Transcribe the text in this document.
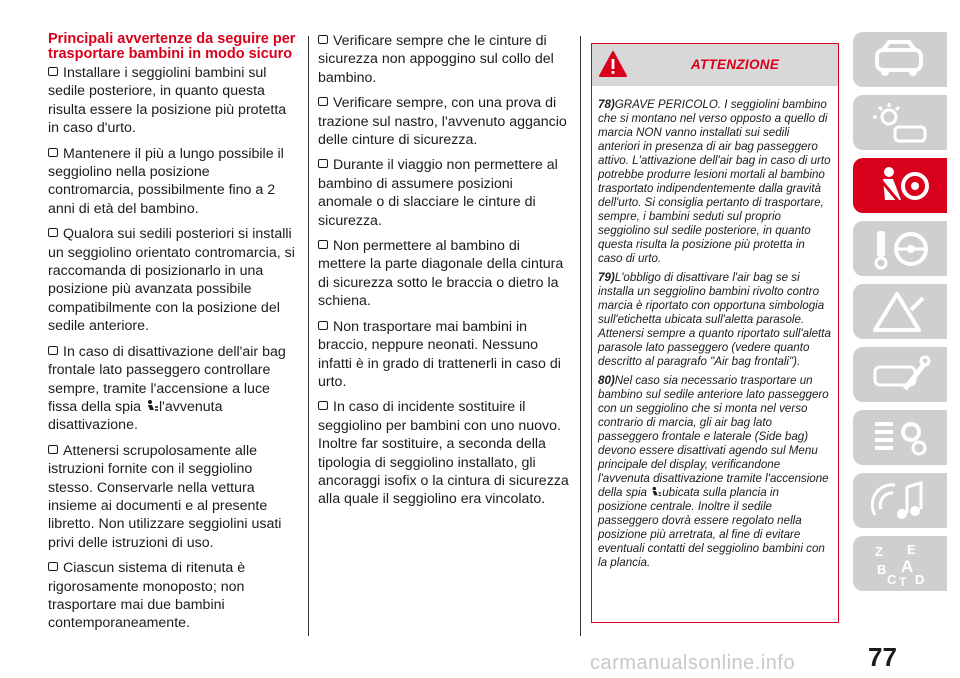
Principali avvertenze da seguire per trasportare bambini in modo sicuro

Installare i seggiolini bambini sul sedile posteriore, in quanto questa risulta essere la posizione più protetta in caso d'urto.

Mantenere il più a lungo possibile il seggiolino nella posizione contromarcia, possibilmente fino a 2 anni di età del bambino.

Qualora sui sedili posteriori si installi un seggiolino orientato contromarcia, si raccomanda di posizionarlo in una posizione più avanzata possibile compatibilmente con la posizione del sedile anteriore.

In caso di disattivazione dell'air bag frontale lato passeggero controllare sempre, tramite l'accensione a luce fissa della spia l'avvenuta disattivazione.

Attenersi scrupolosamente alle istruzioni fornite con il seggiolino stesso. Conservarle nella vettura insieme ai documenti e al presente libretto. Non utilizzare seggiolini usati privi delle istruzioni di uso.

Ciascun sistema di ritenuta è rigorosamente monoposto; non trasportare mai due bambini contemporaneamente.

Verificare sempre che le cinture di sicurezza non appoggino sul collo del bambino.

Verificare sempre, con una prova di trazione sul nastro, l'avvenuto aggancio delle cinture di sicurezza.

Durante il viaggio non permettere al bambino di assumere posizioni anomale o di slacciare le cinture di sicurezza.

Non permettere al bambino di mettere la parte diagonale della cintura di sicurezza sotto le braccia o dietro la schiena.

Non trasportare mai bambini in braccio, neppure neonati. Nessuno infatti è in grado di trattenerli in caso di urto.

In caso di incidente sostituire il seggiolino per bambini con uno nuovo. Inoltre far sostituire, a seconda della tipologia di seggiolino installato, gli ancoraggi isofix o la cintura di sicurezza alla quale il seggiolino era vincolato.

ATTENZIONE

78)GRAVE PERICOLO. I seggiolini bambino che si montano nel verso opposto a quello di marcia NON vanno installati sui sedili anteriori in presenza di air bag passeggero attivo. L'attivazione dell'air bag in caso di urto potrebbe produrre lesioni mortali al bambino trasportato indipendentemente dalla gravità dell'urto. Si consiglia pertanto di trasportare, sempre, i bambini seduti sul proprio seggiolino sul sedile posteriore, in quanto questa risulta la posizione più protetta in caso di urto.

79)L'obbligo di disattivare l'air bag se si installa un seggiolino bambini rivolto contro marcia è riportato con opportuna simbologia sull'etichetta ubicata sull'aletta parasole. Attenersi sempre a quanto riportato sull'aletta parasole lato passeggero (vedere quanto descritto al paragrafo "Air bag frontali").

80)Nel caso sia necessario trasportare un bambino sul sedile anteriore lato passeggero con un seggiolino che si monta nel verso contrario di marcia, gli air bag lato passeggero frontale e laterale (Side bag) devono essere disattivati agendo sul Menu principale del display, verificandone l'avvenuta disattivazione tramite l'accensione della spia ubicata sulla plancia in posizione centrale. Inoltre il sedile passeggero dovrà essere regolato nella posizione più arretrata, al fine di evitare eventuali contatti del seggiolino bambini con la plancia.

Z E
B A
C T D
carmanualsonline.info	77
